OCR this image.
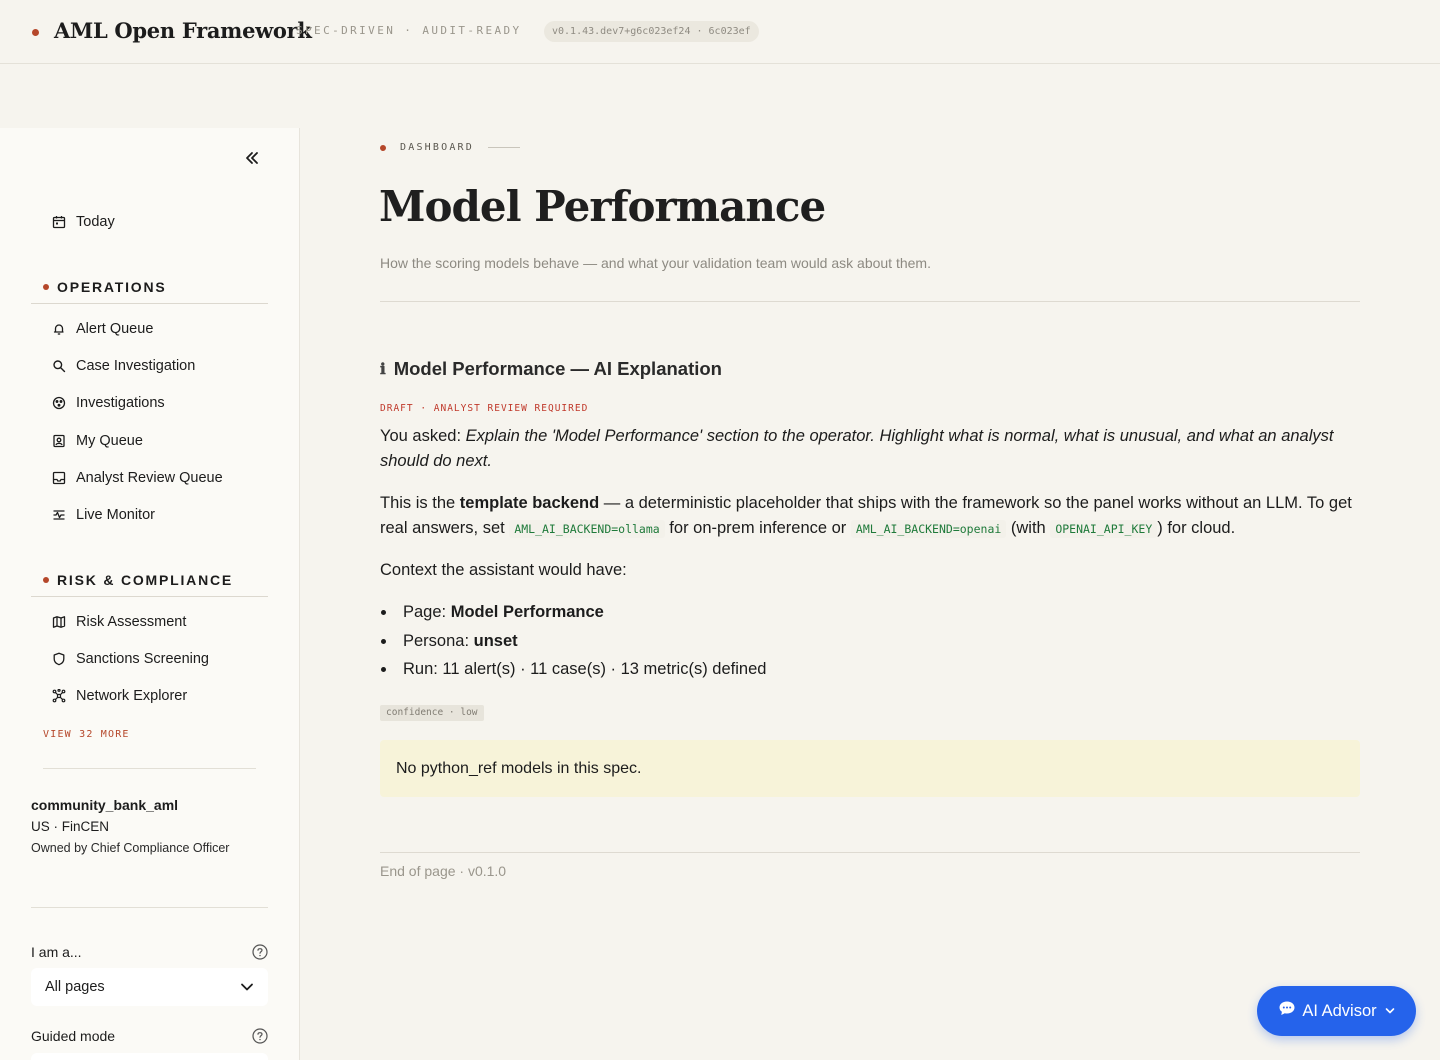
AML Open Framework
SPEC-DRIVEN · AUDIT-READY	v0.1.43.dev7+g6c023ef24 · 6c023ef
Today
OPERATIONS
Alert Queue
Case Investigation
Investigations
My Queue
Analyst Review Queue
Live Monitor
RISK & COMPLIANCE
Risk Assessment
Sanctions Screening
Network Explorer
VIEW 32 MORE
community_bank_aml
US · FinCEN
Owned by Chief Compliance Officer
I am a...
All pages
Guided mode
DASHBOARD
Model Performance

How the scoring models behave — and what your validation team would ask about them.

ℹ Model Performance — AI Explanation
DRAFT · ANALYST REVIEW REQUIRED

You asked: Explain the 'Model Performance' section to the operator. Highlight what is normal, what is unusual, and what an analyst should do next.

This is the template backend — a deterministic placeholder that ships with the framework so the panel works without an LLM. To get real answers, set AML_AI_BACKEND=ollama for on-prem inference or AML_AI_BACKEND=openai (with OPENAI_API_KEY ) for cloud.

Context the assistant would have:

Page: Model Performance
Persona: unset
Run: 11 alert(s) · 11 case(s) · 13 metric(s) defined
confidence · low
No python_ref models in this spec.
End of page · v0.1.0
AI Advisor
